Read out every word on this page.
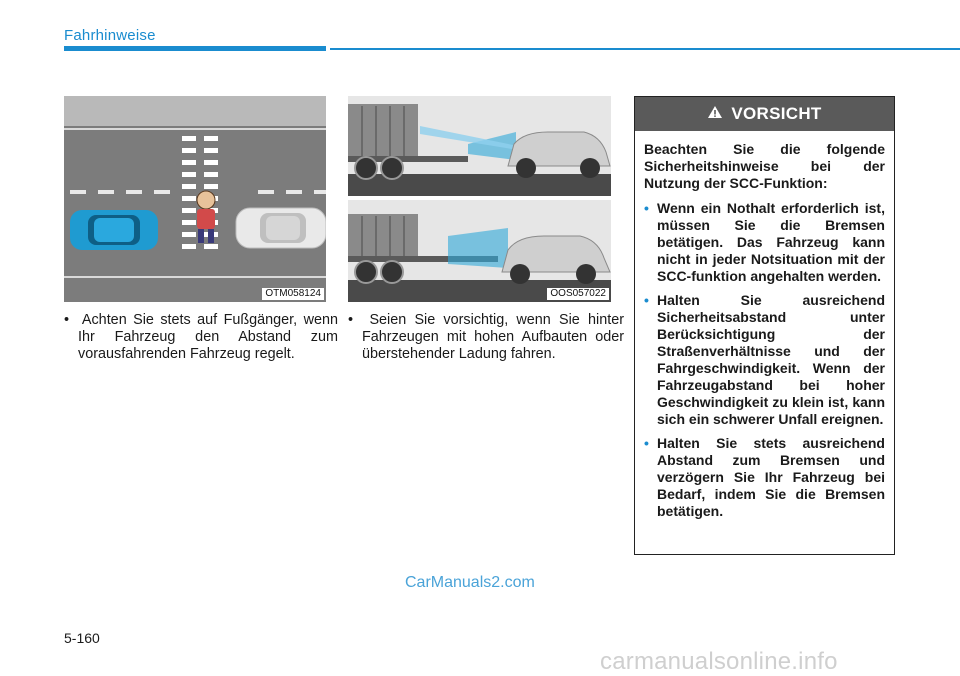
Fahrhinweise
OTM058124	OOS057022
•  Achten Sie stets auf Fußgänger, wenn Ihr Fahrzeug den Abstand zum vorausfahrenden Fahrzeug regelt.
•  Seien Sie vorsichtig, wenn Sie hinter Fahrzeugen mit hohen Aufbauten oder überstehender Ladung fahren.
VORSICHT
Beachten Sie die folgende Sicherheitshinweise bei der Nutzung der SCC-Funktion:
• Wenn ein Nothalt erforderlich ist, müssen Sie die Bremsen betätigen. Das Fahrzeug kann nicht in jeder Notsituation mit der SCC-funktion angehalten werden.
• Halten Sie ausreichend Sicherheitsabstand unter Berücksichtigung der Straßenverhältnisse und der Fahrgeschwindigkeit. Wenn der Fahrzeugabstand bei hoher Geschwindigkeit zu klein ist, kann sich ein schwerer Unfall ereignen.
• Halten Sie stets ausreichend Abstand zum Bremsen und verzögern Sie Ihr Fahrzeug bei Bedarf, indem Sie die Bremsen betätigen.
CarManuals2.com
5-160
carmanualsonline.info
